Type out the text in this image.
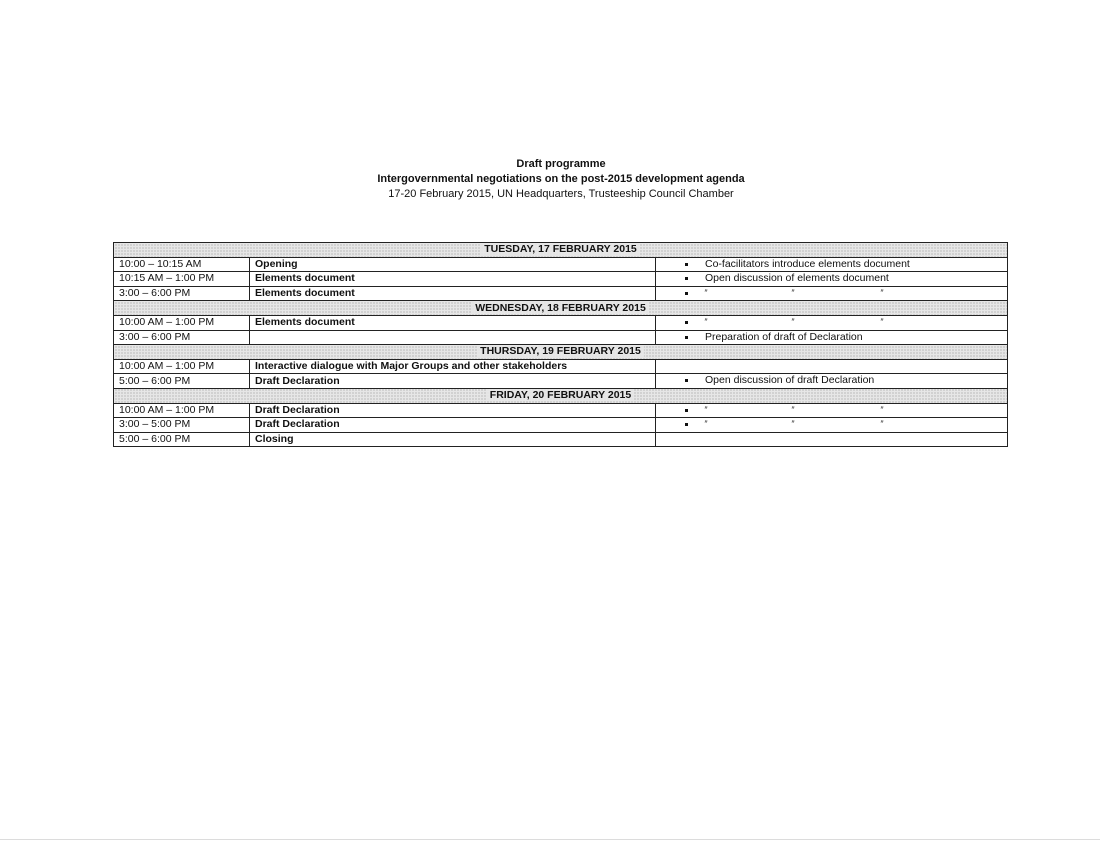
Draft programme
Intergovernmental negotiations on the post-2015 development agenda
17-20 February 2015, UN Headquarters, Trusteeship Council Chamber
TUESDAY, 17 FEBRUARY 2015		
10:00 – 10:15 AM	Opening	Co-facilitators introduce elements document

10:15 AM – 1:00 PM	Elements document	Open discussion of elements document

3:00 – 6:00 PM	Elements document	” ” ”

WEDNESDAY, 18 FEBRUARY 2015		
10:00 AM – 1:00 PM	Elements document	” ” ”

3:00 – 6:00 PM		Preparation of draft of Declaration

THURSDAY, 19 FEBRUARY 2015		
10:00 AM – 1:00 PM	Interactive dialogue with Major Groups and other stakeholders	
5:00 – 6:00 PM	Draft Declaration	Open discussion of draft Declaration

FRIDAY, 20 FEBRUARY 2015		
10:00 AM – 1:00 PM	Draft Declaration	” ” ”

3:00 – 5:00 PM	Draft Declaration	” ” ”

5:00 – 6:00 PM	Closing	
